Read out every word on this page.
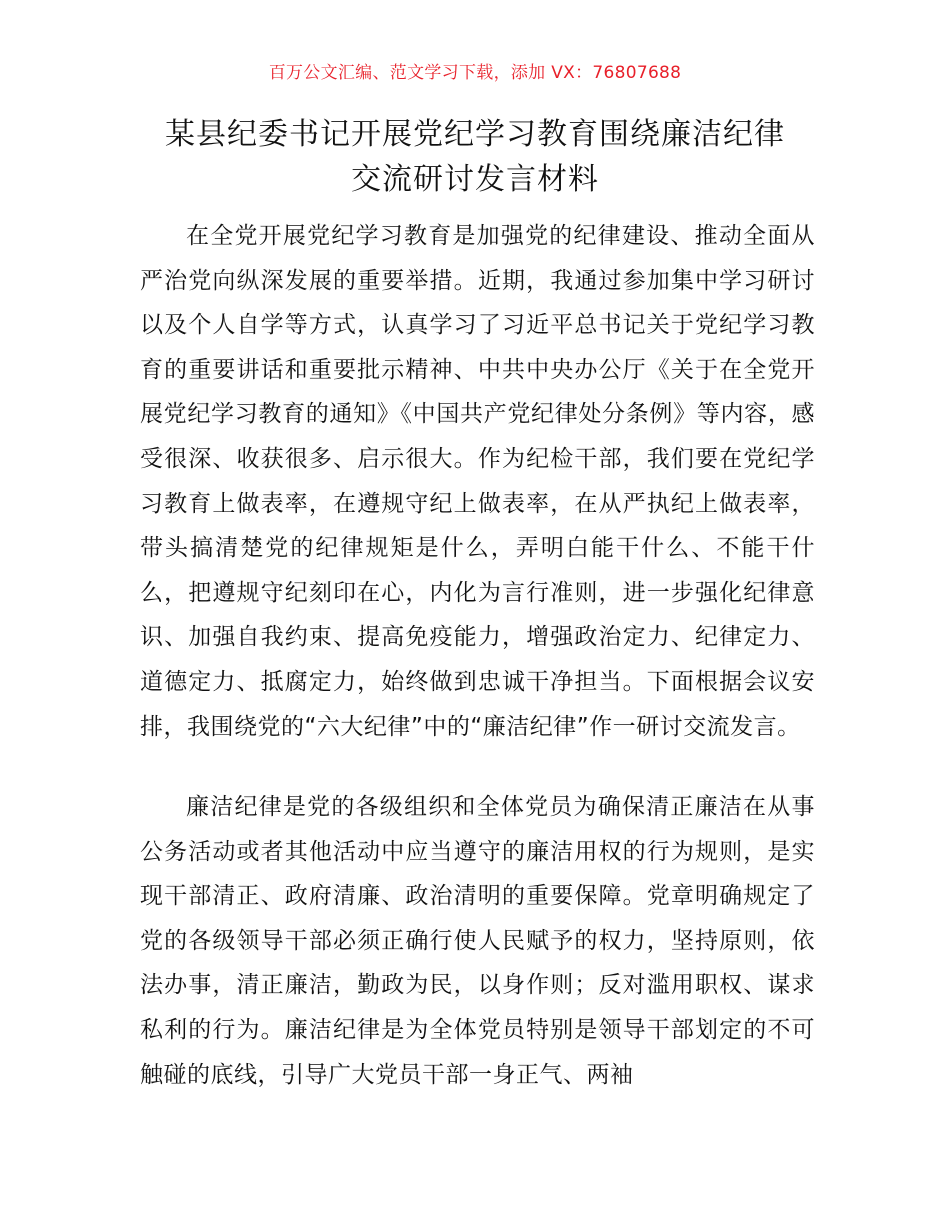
百万公文汇编、范文学习下载，添加 VX：76807688
某县纪委书记开展党纪学习教育围绕廉洁纪律
交流研讨发言材料

在全党开展党纪学习教育是加强党的纪律建设、推动全面从严治党向纵深发展的重要举措。近期，我通过参加集中学习研讨以及个人自学等方式，认真学习了习近平总书记关于党纪学习教育的重要讲话和重要批示精神、中共中央办公厅《关于在全党开展党纪学习教育的通知》《中国共产党纪律处分条例》等内容，感受很深、收获很多、启示很大。作为纪检干部，我们要在党纪学习教育上做表率，在遵规守纪上做表率，在从严执纪上做表率，带头搞清楚党的纪律规矩是什么，弄明白能干什么、不能干什么，把遵规守纪刻印在心，内化为言行准则，进一步强化纪律意识、加强自我约束、提高免疫能力，增强政治定力、纪律定力、道德定力、抵腐定力，始终做到忠诚干净担当。下面根据会议安排，我围绕党的“六大纪律”中的“廉洁纪律”作一研讨交流发言。

廉洁纪律是党的各级组织和全体党员为确保清正廉洁在从事公务活动或者其他活动中应当遵守的廉洁用权的行为规则，是实现干部清正、政府清廉、政治清明的重要保障。党章明确规定了党的各级领导干部必须正确行使人民赋予的权力，坚持原则，依法办事，清正廉洁，勤政为民，以身作则；反对滥用职权、谋求私利的行为。廉洁纪律是为全体党员特别是领导干部划定的不可触碰的底线，引导广大党员干部一身正气、两袖
